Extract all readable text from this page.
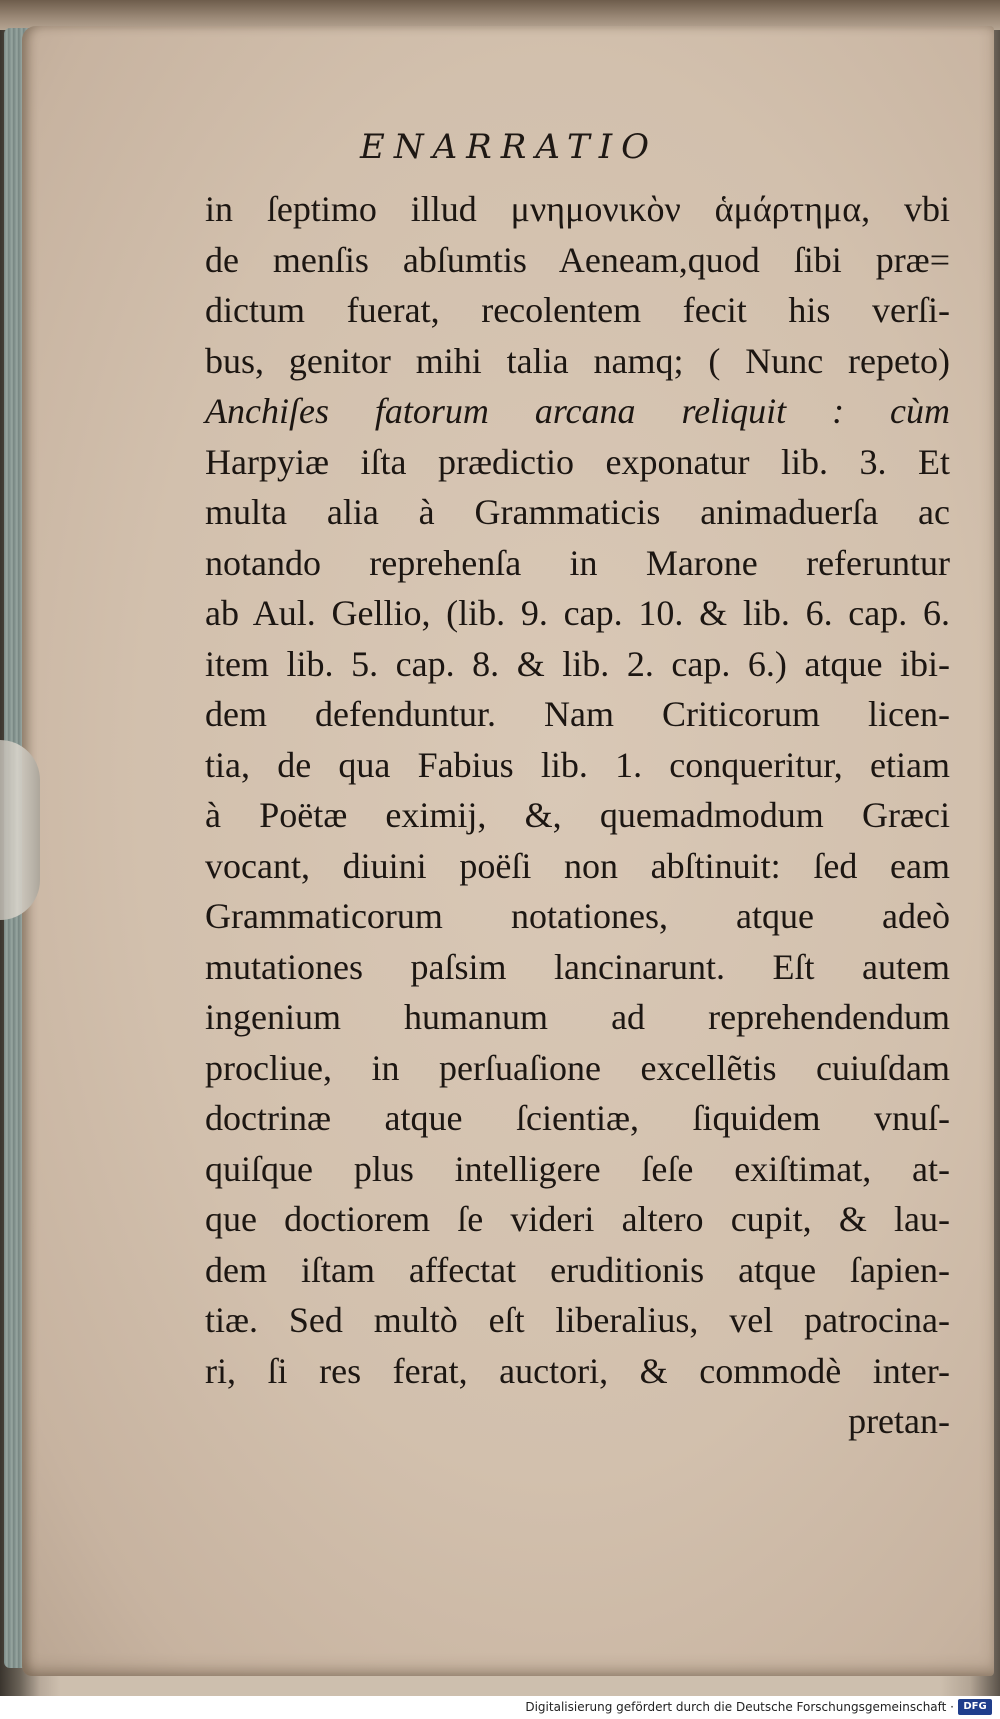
ENARRATIO
in ſeptimo illud μνημονικὸν ἁμάρτημα, vbi
de menſis abſumtis Aeneam,quod ſibi præ=
dictum fuerat, recolentem fecit his verſi-
bus, genitor mihi talia namq; ( Nunc repeto)
Anchiſes fatorum arcana reliquit : cùm
Harpyiæ iſta prædictio exponatur lib. 3. Et
multa alia à Grammaticis animaduerſa ac
notando reprehenſa in Marone referuntur
ab Aul. Gellio, (lib. 9. cap. 10. & lib. 6. cap. 6.
item lib. 5. cap. 8. & lib. 2. cap. 6.) atque ibi-
dem defenduntur. Nam Criticorum licen-
tia, de qua Fabius lib. 1. conqueritur, etiam
à Poëtæ eximij, &, quemadmodum Græci
vocant, diuini poëſi non abſtinuit: ſed eam
Grammaticorum notationes, atque adeò
mutationes paſsim lancinarunt. Eſt autem
ingenium humanum ad reprehendendum
procliue, in perſuaſione excellẽtis cuiuſdam
doctrinæ atque ſcientiæ, ſiquidem vnuſ-
quiſque plus intelligere ſeſe exiſtimat, at-
que doctiorem ſe videri altero cupit, & lau-
dem iſtam affectat eruditionis atque ſapien-
tiæ. Sed multò eſt liberalius, vel patrocina-
ri, ſi res ferat, auctori, & commodè inter-
pretan-
Digitalisierung gefördert durch die Deutsche Forschungsgemeinschaft · DFG
